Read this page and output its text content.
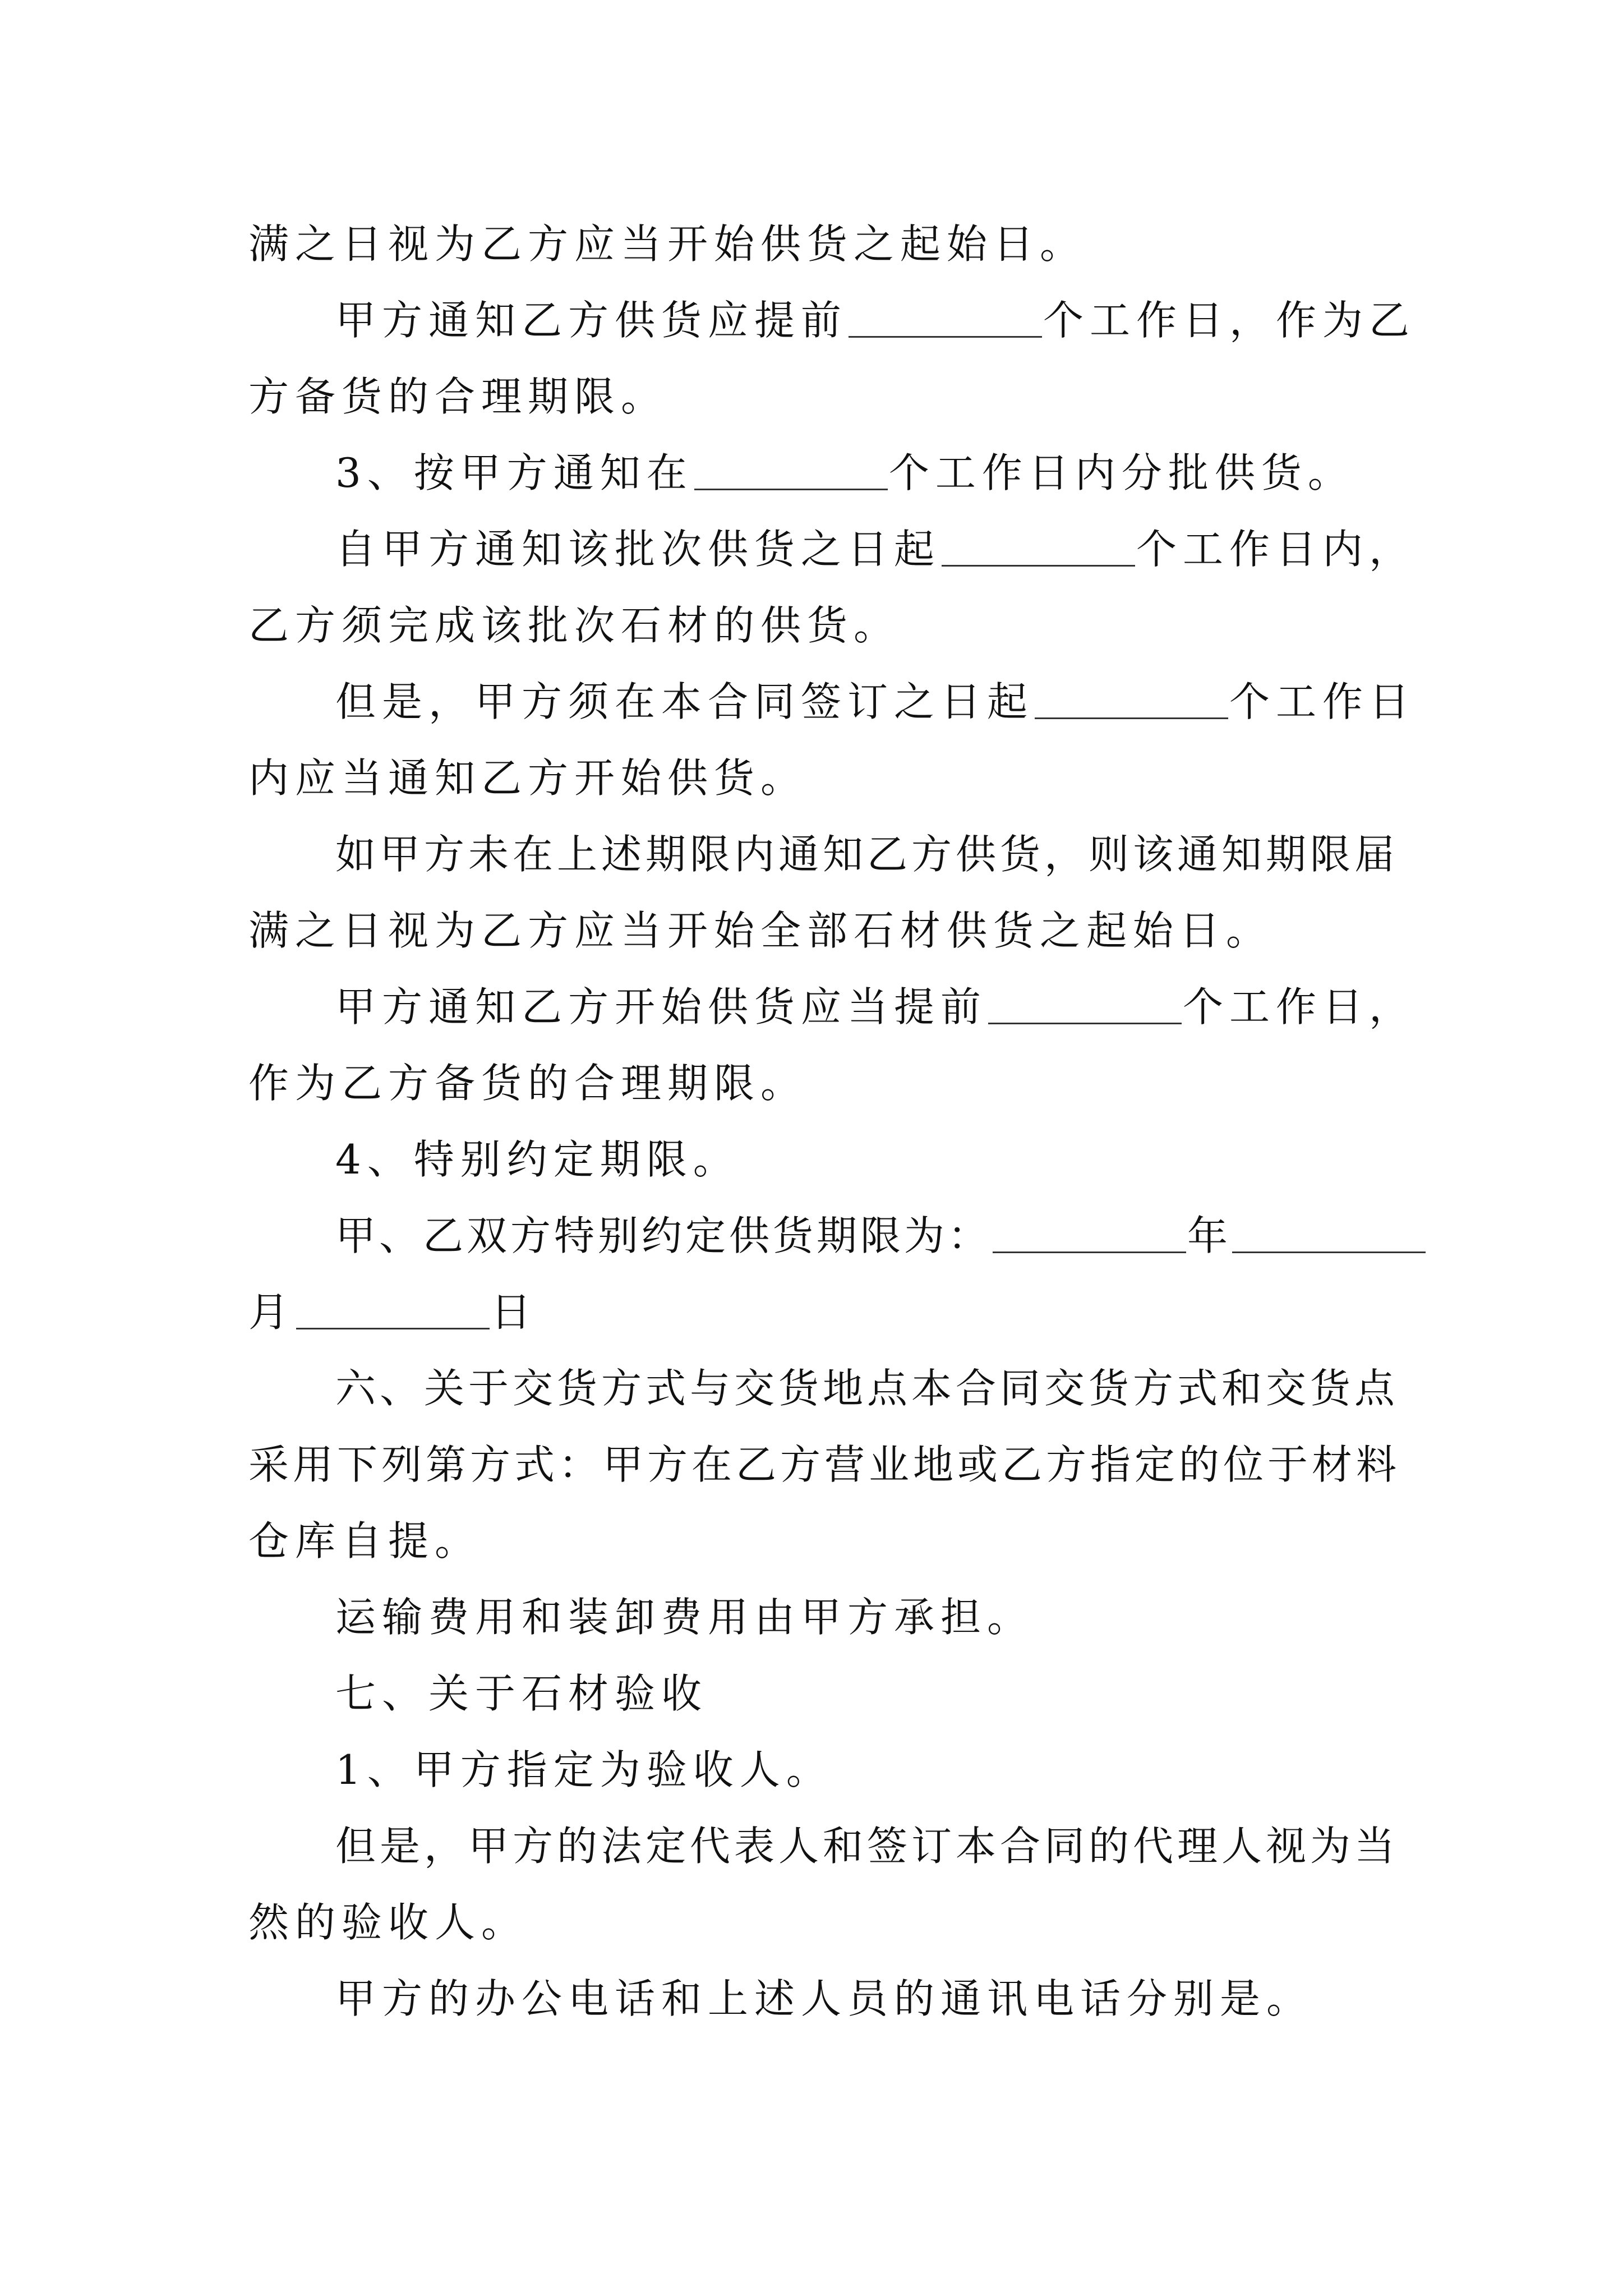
满之日视为乙方应当开始供货之起始日。
甲方通知乙方供货应提前	个工作日，作为乙
方备货的合理期限。
3、按甲方通知在	个工作日内分批供货。
自甲方通知该批次供货之日起	个工作日内，
乙方须完成该批次石材的供货。
但是，甲方须在本合同签订之日起	个工作日
内应当通知乙方开始供货。
如甲方未在上述期限内通知乙方供货，则该通知期限届
满之日视为乙方应当开始全部石材供货之起始日。
甲方通知乙方开始供货应当提前	个工作日，
作为乙方备货的合理期限。
4、特别约定期限。
甲、乙双方特别约定供货期限为：	年
月	日
六、关于交货方式与交货地点本合同交货方式和交货点
采用下列第方式：甲方在乙方营业地或乙方指定的位于材料
仓库自提。
运输费用和装卸费用由甲方承担。
七、关于石材验收
1、甲方指定为验收人。
但是，甲方的法定代表人和签订本合同的代理人视为当
然的验收人。
甲方的办公电话和上述人员的通讯电话分别是。
